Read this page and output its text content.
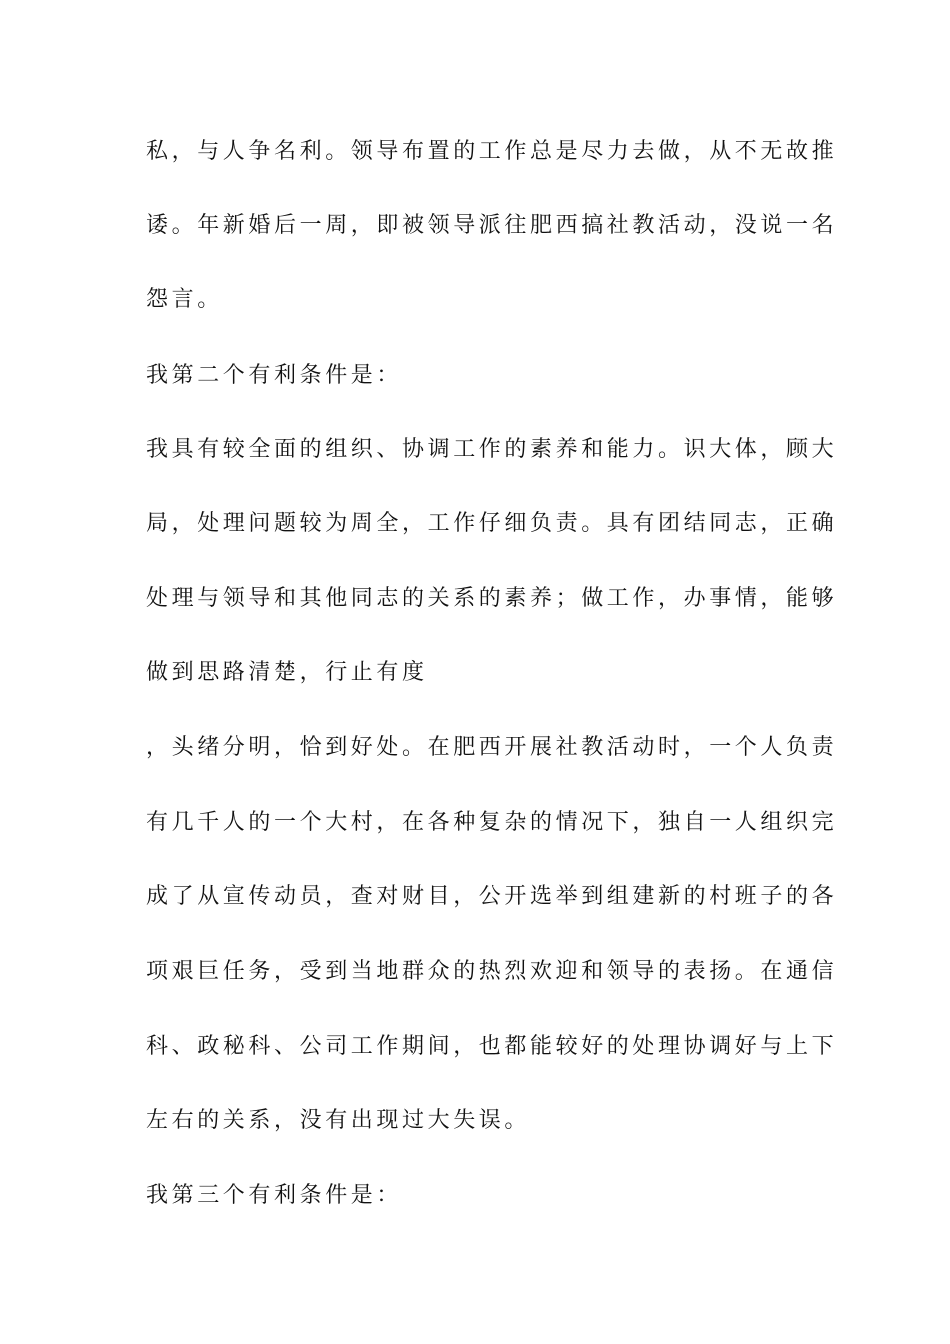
私，与人争名利。领导布置的工作总是尽力去做，从不无故推
诿。年新婚后一周，即被领导派往肥西搞社教活动，没说一名
怨言。
我第二个有利条件是：
我具有较全面的组织、协调工作的素养和能力。识大体，顾大
局，处理问题较为周全，工作仔细负责。具有团结同志，正确
处理与领导和其他同志的关系的素养；做工作，办事情，能够
做到思路清楚，行止有度
，头绪分明，恰到好处。在肥西开展社教活动时，一个人负责
有几千人的一个大村，在各种复杂的情况下，独自一人组织完
成了从宣传动员，查对财目，公开选举到组建新的村班子的各
项艰巨任务，受到当地群众的热烈欢迎和领导的表扬。在通信
科、政秘科、公司工作期间，也都能较好的处理协调好与上下
左右的关系，没有出现过大失误。
我第三个有利条件是：
